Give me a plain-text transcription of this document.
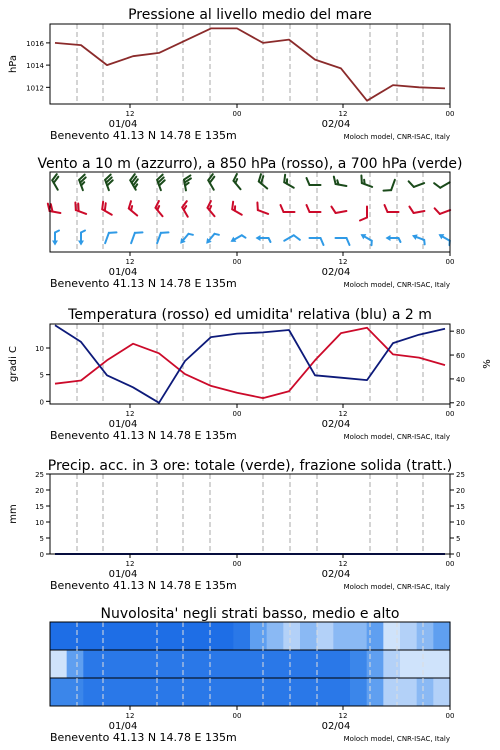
Pressione al livello medio del mare
hPa
1012
1014
1016
12	00	12	00
01/04	02/04
Benevento 41.13 N 14.78 E 135m	Moloch model, CNR-ISAC, Italy
Vento a 10 m (azzurro), a 850 hPa (rosso), a 700 hPa (verde)
12	00	12	00
01/04	02/04
Benevento 41.13 N 14.78 E 135m	Moloch model, CNR-ISAC, Italy
Temperatura (rosso) ed umidita' relativa (blu) a 2 m
gradi C	%
0
5
10
20
40
60
80
12	00	12	00
01/04	02/04
Benevento 41.13 N 14.78 E 135m	Moloch model, CNR-ISAC, Italy
Precip. acc. in 3 ore: totale (verde), frazione solida (tratt.)
mm
0
5
10
15
20
25
0
5
10
15
20
25
12	00	12	00
01/04	02/04
Benevento 41.13 N 14.78 E 135m	Moloch model, CNR-ISAC, Italy
Nuvolosita' negli strati basso, medio e alto
12	00	12	00
01/04	02/04
Benevento 41.13 N 14.78 E 135m	Moloch model, CNR-ISAC, Italy
